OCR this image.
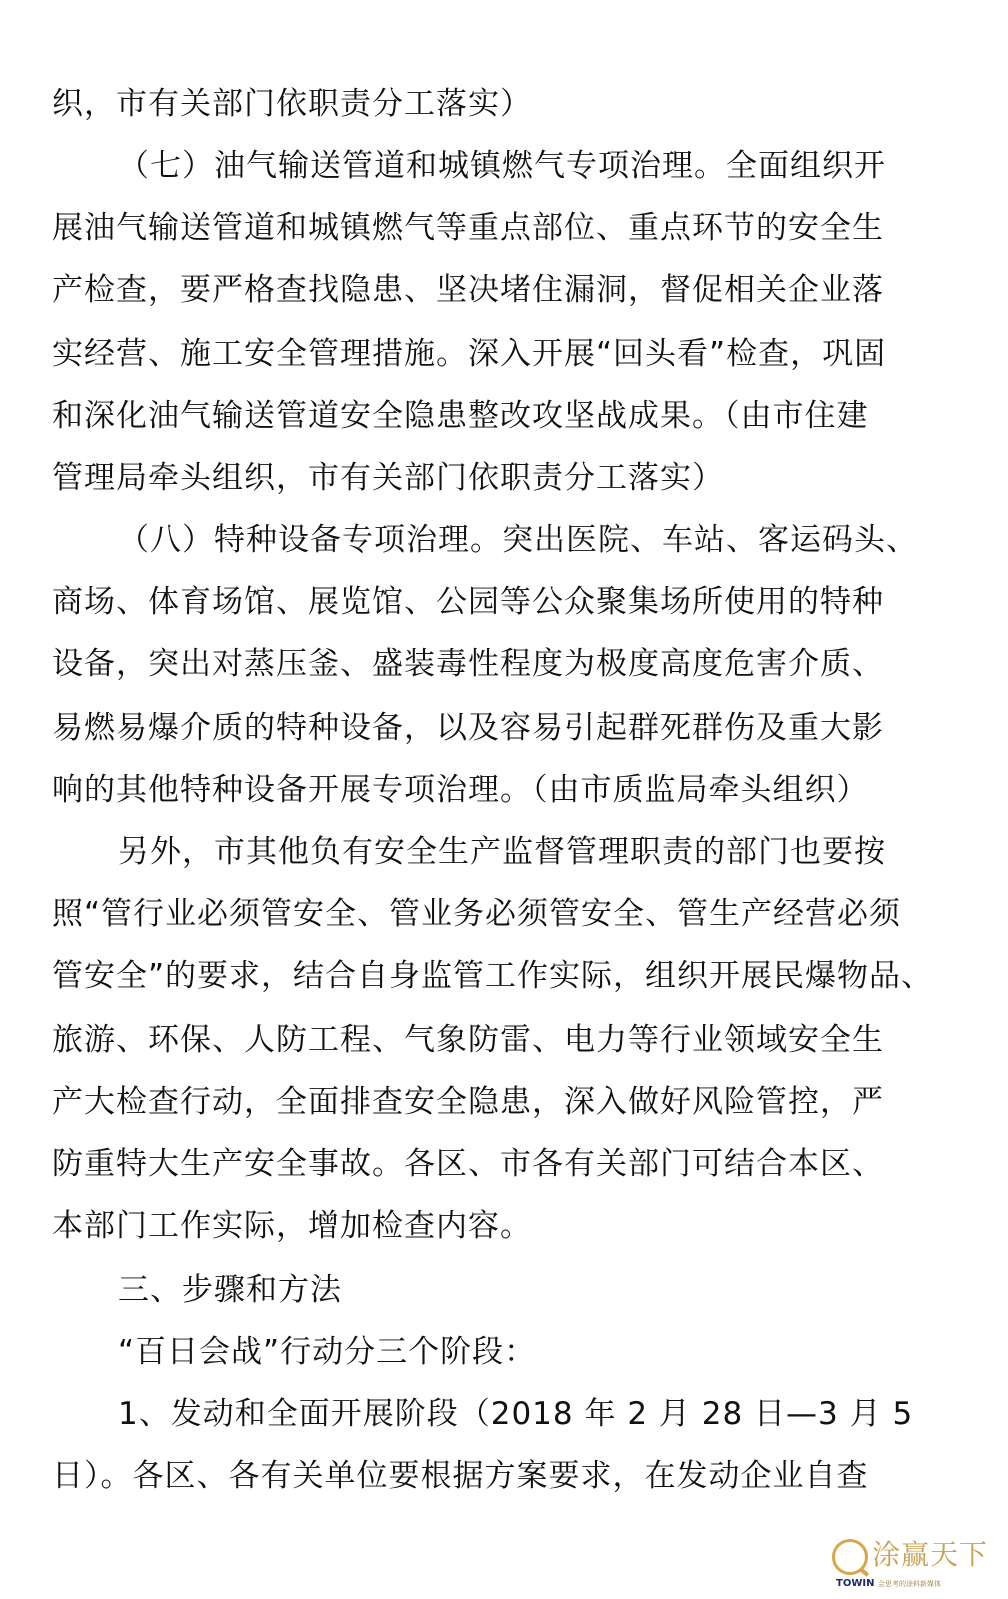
织，市有关部门依职责分工落实）
（七）油气输送管道和城镇燃气专项治理。全面组织开
展油气输送管道和城镇燃气等重点部位、重点环节的安全生
产检查，要严格查找隐患、坚决堵住漏洞，督促相关企业落
实经营、施工安全管理措施。深入开展“回头看”检查，巩固
和深化油气输送管道安全隐患整改攻坚战成果。（由市住建
管理局牵头组织，市有关部门依职责分工落实）
（八）特种设备专项治理。突出医院、车站、客运码头、
商场、体育场馆、展览馆、公园等公众聚集场所使用的特种
设备，突出对蒸压釜、盛装毒性程度为极度高度危害介质、
易燃易爆介质的特种设备，以及容易引起群死群伤及重大影
响的其他特种设备开展专项治理。（由市质监局牵头组织）
另外，市其他负有安全生产监督管理职责的部门也要按
照“管行业必须管安全、管业务必须管安全、管生产经营必须
管安全”的要求，结合自身监管工作实际，组织开展民爆物品、
旅游、环保、人防工程、气象防雷、电力等行业领域安全生
产大检查行动，全面排查安全隐患，深入做好风险管控，严
防重特大生产安全事故。各区、市各有关部门可结合本区、
本部门工作实际，增加检查内容。
三、步骤和方法
“百日会战”行动分三个阶段：
1、发动和全面开展阶段（2018 年 2 月 28 日—3 月 5
日）。各区、各有关单位要根据方案要求，在发动企业自查
涂赢天下
TOWIN 会思考的涂料新媒体
